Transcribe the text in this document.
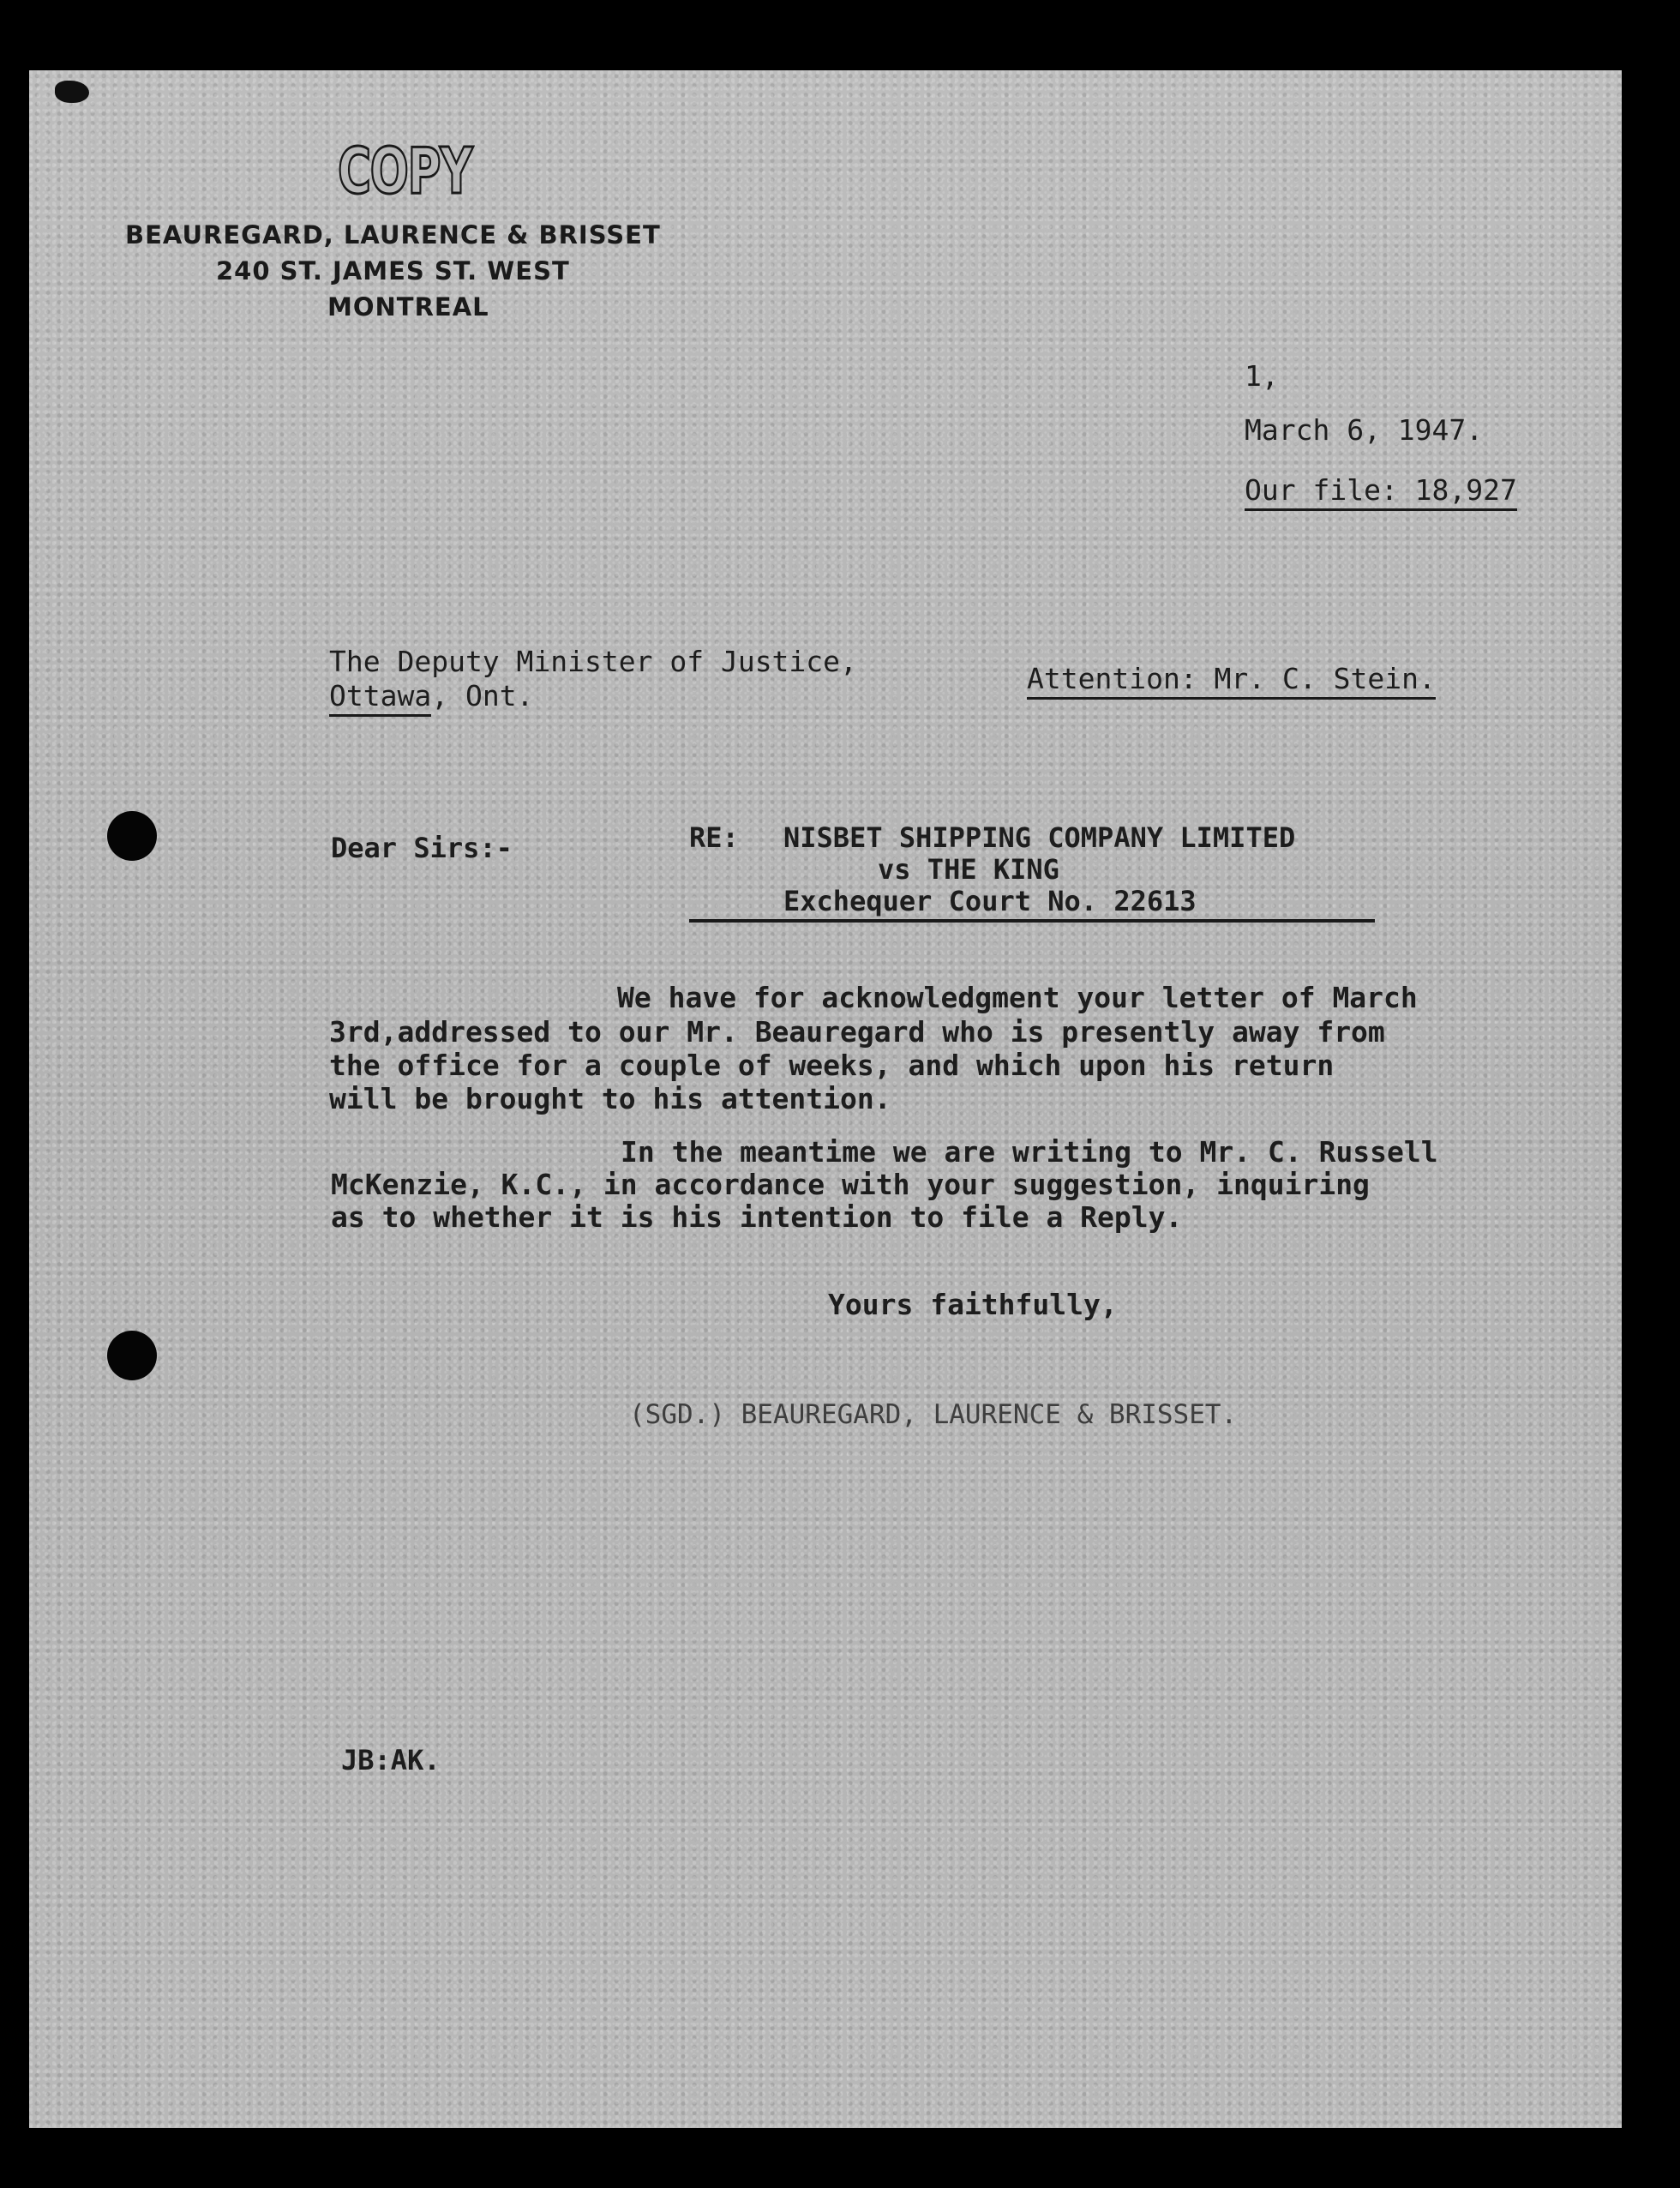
COPY
BEAUREGARD, LAURENCE & BRISSET
240 ST. JAMES ST. WEST
MONTREAL
1,
March 6, 1947.
Our file: 18,927
The Deputy Minister of Justice,
Ottawa, Ont.
Attention: Mr. C. Stein.
Dear Sirs:-	RE: NISBET SHIPPING COMPANY LIMITED
vs THE KING
Exchequer Court No. 22613
We have for acknowledgment your letter of March
3rd,addressed to our Mr. Beauregard who is presently away from
the office for a couple of weeks, and which upon his return
will be brought to his attention.
In the meantime we are writing to Mr. C. Russell
McKenzie, K.C., in accordance with your suggestion, inquiring
as to whether it is his intention to file a Reply.
Yours faithfully,
(SGD.) BEAUREGARD, LAURENCE & BRISSET.
JB:AK.
